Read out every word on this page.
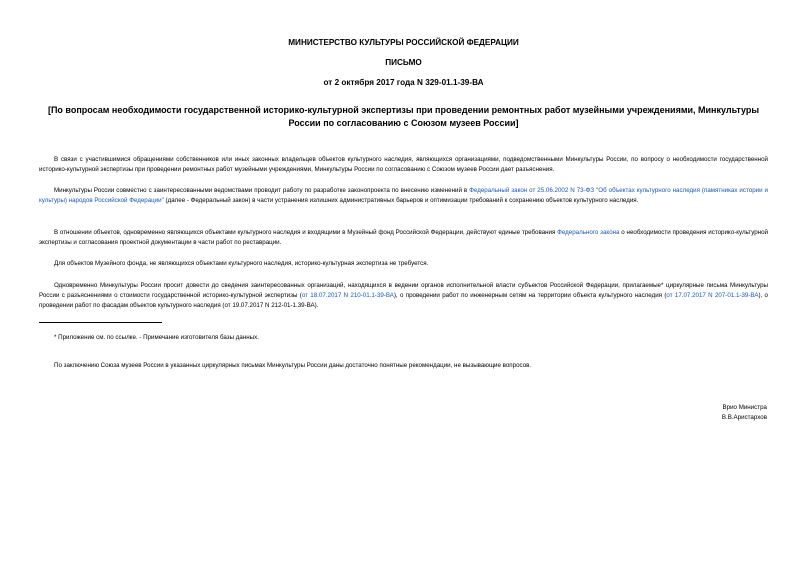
МИНИСТЕРСТВО КУЛЬТУРЫ РОССИЙСКОЙ ФЕДЕРАЦИИ
ПИСЬМО
от 2 октября 2017 года N 329-01.1-39-ВА
[По вопросам необходимости государственной историко-культурной экспертизы при проведении ремонтных работ музейными учреждениями, Минкультуры России по согласованию с Союзом музеев России]
В связи с участившимися обращениями собственников или иных законных владельцев объектов культурного наследия, являющихся организациями, подведомственными Минкультуры России, по вопросу о необходимости государственной историко-культурной экспертизы при проведении ремонтных работ музейными учреждениями, Минкультуры России по согласованию с Союзом музеев России дает разъяснения.
Минкультуры России совместно с заинтересованными ведомствами проводит работу по разработке законопроекта по внесению изменений в Федеральный закон от 25.06.2002 N 73-ФЗ "Об объектах культурного наследия (памятниках истории и культуры) народов Российской Федерации" (далее - Федеральный закон) в части устранения излишних административных барьеров и оптимизации требований к сохранению объектов культурного наследия.
В отношении объектов, одновременно являющихся объектами культурного наследия и входящими в Музейный фонд Российской Федерации, действуют единые требования Федерального закона о необходимости проведения историко-культурной экспертизы и согласования проектной документации в части работ по реставрации.
Для объектов Музейного фонда, не являющихся объектами культурного наследия, историко-культурная экспертиза не требуется.
Одновременно Минкультуры России просит довести до сведения заинтересованных организаций, находящихся в ведении органов исполнительной власти субъектов Российской Федерации, прилагаемые* циркулярные письма Минкультуры России с разъяснениями о стоимости государственной историко-культурной экспертизы (от 18.07.2017 N 210-01.1-39-ВА), о проведении работ по инженерным сетям на территории объекта культурного наследия (от 17.07.2017 N 207-01.1-39-ВА), о проведении работ по фасадам объектов культурного наследия (от 19.07.2017 N 212-01-1.39-ВА).
* Приложение см. по ссылке. - Примечание изготовителя базы данных.
По заключению Союза музеев России в указанных циркулярных письмах Минкультуры России даны достаточно понятные рекомендации, не вызывающие вопросов.
Врио Министра
В.В.Аристархов
